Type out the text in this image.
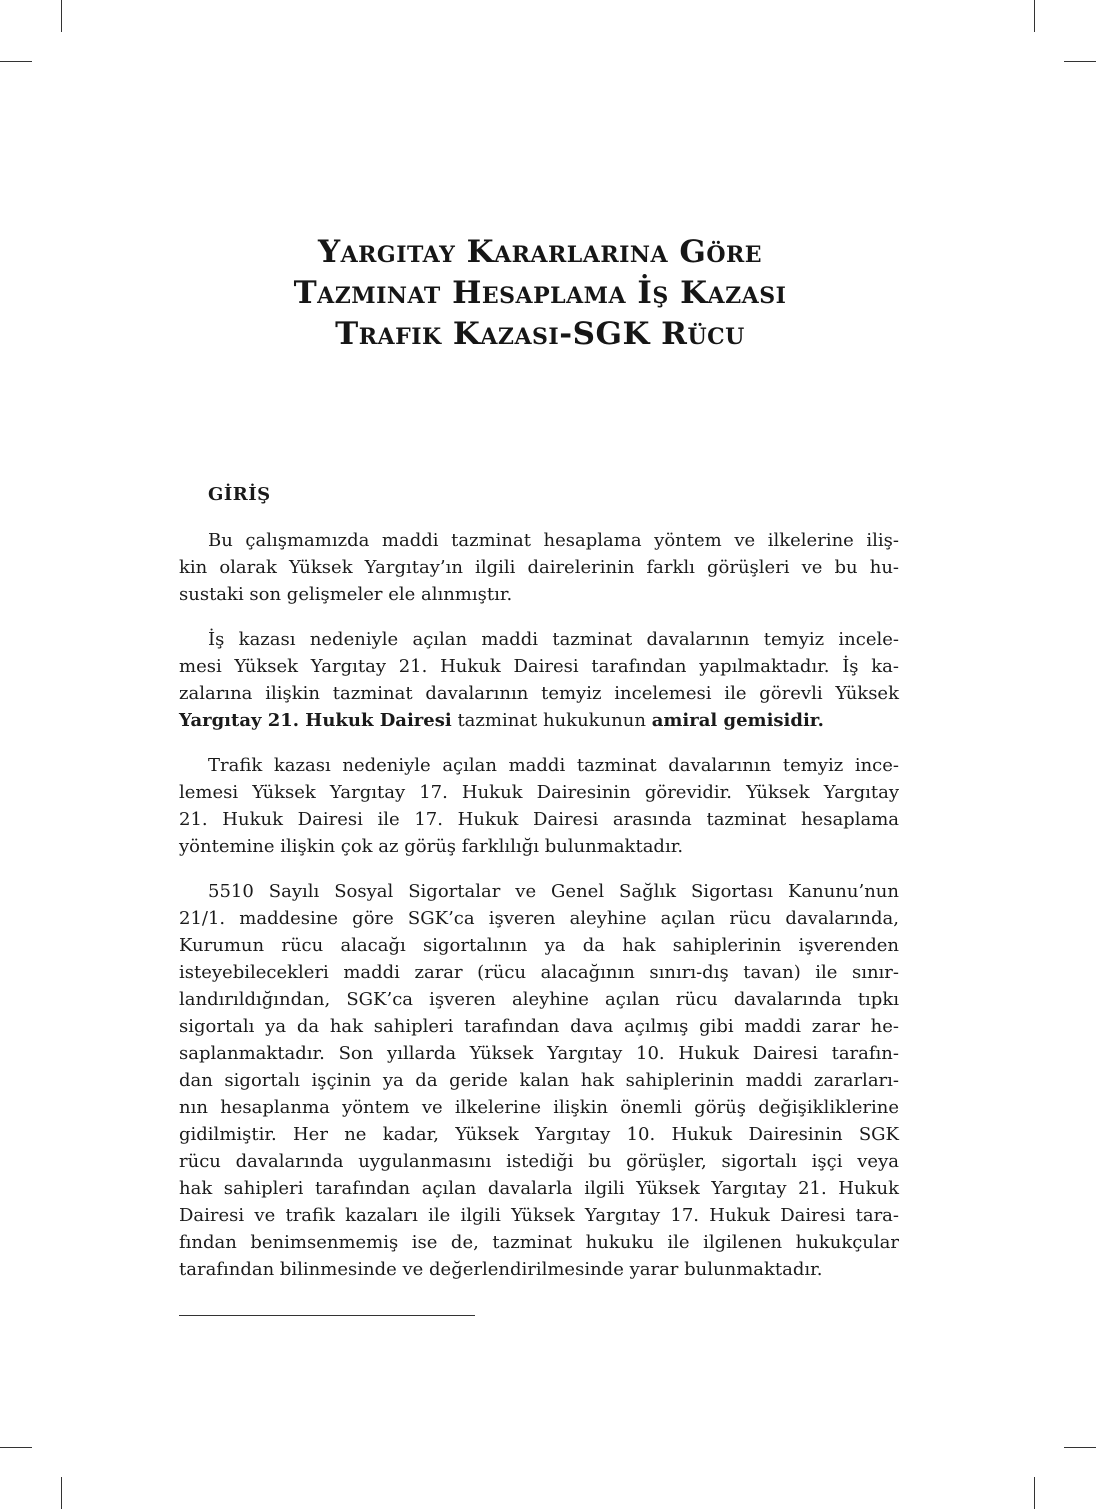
Yargıtay Kararlarına Göre
Tazmınat Hesaplama İş Kazası
Trafık Kazası-SGK Rücu
GİRİŞ
Bu çalışmamızda maddi tazminat hesaplama yöntem ve ilkelerine iliş-
kin olarak Yüksek Yargıtay’ın ilgili dairelerinin farklı görüşleri ve bu hu-
sustaki son gelişmeler ele alınmıştır.
İş kazası nedeniyle açılan maddi tazminat davalarının temyiz incele-
mesi Yüksek Yargıtay 21. Hukuk Dairesi tarafından yapılmaktadır. İş ka-
zalarına ilişkin tazminat davalarının temyiz incelemesi ile görevli Yüksek
Yargıtay 21. Hukuk Dairesi tazminat hukukunun amiral gemisidir.
Trafik kazası nedeniyle açılan maddi tazminat davalarının temyiz ince-
lemesi Yüksek Yargıtay 17. Hukuk Dairesinin görevidir. Yüksek Yargıtay
21. Hukuk Dairesi ile 17. Hukuk Dairesi arasında tazminat hesaplama
yöntemine ilişkin çok az görüş farklılığı bulunmaktadır.
5510 Sayılı Sosyal Sigortalar ve Genel Sağlık Sigortası Kanunu’nun
21/1. maddesine göre SGK’ca işveren aleyhine açılan rücu davalarında,
Kurumun rücu alacağı sigortalının ya da hak sahiplerinin işverenden
isteyebilecekleri maddi zarar (rücu alacağının sınırı-dış tavan) ile sınır-
landırıldığından, SGK’ca işveren aleyhine açılan rücu davalarında tıpkı
sigortalı ya da hak sahipleri tarafından dava açılmış gibi maddi zarar he-
saplanmaktadır. Son yıllarda Yüksek Yargıtay 10. Hukuk Dairesi tarafın-
dan sigortalı işçinin ya da geride kalan hak sahiplerinin maddi zararları-
nın hesaplanma yöntem ve ilkelerine ilişkin önemli görüş değişikliklerine
gidilmiştir. Her ne kadar, Yüksek Yargıtay 10. Hukuk Dairesinin SGK
rücu davalarında uygulanmasını istediği bu görüşler, sigortalı işçi veya
hak sahipleri tarafından açılan davalarla ilgili Yüksek Yargıtay 21. Hukuk
Dairesi ve trafik kazaları ile ilgili Yüksek Yargıtay 17. Hukuk Dairesi tara-
fından benimsenmemiş ise de, tazminat hukuku ile ilgilenen hukukçular
tarafından bilinmesinde ve değerlendirilmesinde yarar bulunmaktadır.
